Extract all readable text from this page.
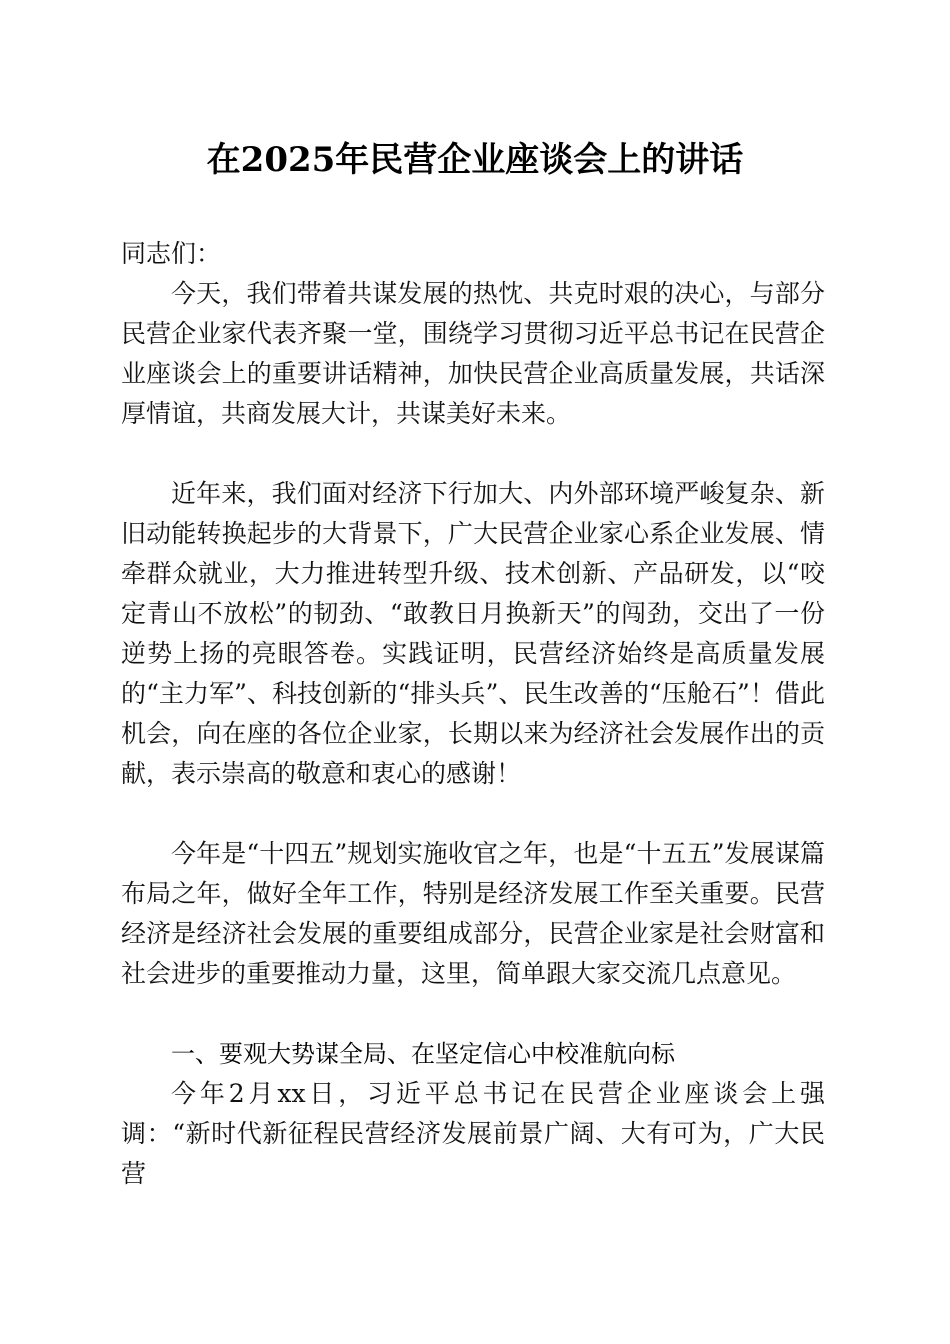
在2025年民营企业座谈会上的讲话
同志们：

今天，我们带着共谋发展的热忱、共克时艰的决心，与部分民营企业家代表齐聚一堂，围绕学习贯彻习近平总书记在民营企业座谈会上的重要讲话精神，加快民营企业高质量发展，共话深厚情谊，共商发展大计，共谋美好未来。

近年来，我们面对经济下行加大、内外部环境严峻复杂、新旧动能转换起步的大背景下，广大民营企业家心系企业发展、情牵群众就业，大力推进转型升级、技术创新、产品研发，以“咬定青山不放松”的韧劲、“敢教日月换新天”的闯劲，交出了一份逆势上扬的亮眼答卷。实践证明，民营经济始终是高质量发展的“主力军”、科技创新的“排头兵”、民生改善的“压舱石”！借此机会，向在座的各位企业家，长期以来为经济社会发展作出的贡献，表示崇高的敬意和衷心的感谢！

今年是“十四五”规划实施收官之年，也是“十五五”发展谋篇布局之年，做好全年工作，特别是经济发展工作至关重要。民营经济是经济社会发展的重要组成部分，民营企业家是社会财富和社会进步的重要推动力量，这里，简单跟大家交流几点意见。

一、要观大势谋全局、在坚定信心中校准航向标

今年2月xx日，习近平总书记在民营企业座谈会上强调：“新时代新征程民营经济发展前景广阔、大有可为，广大民营
